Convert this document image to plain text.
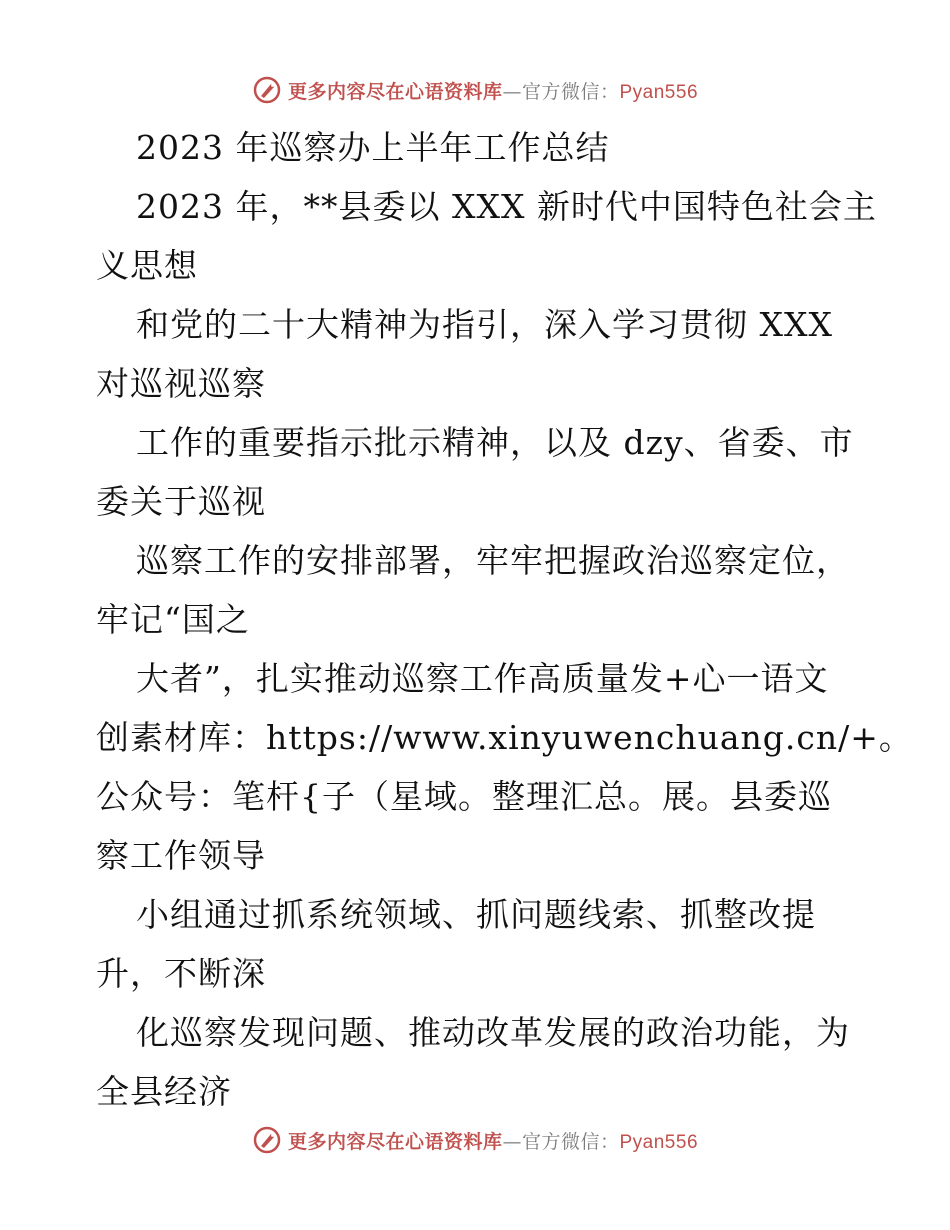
更多内容尽在心语资料库—官方微信：Pyan556
2023 年巡察办上半年工作总结
2023 年，**县委以 XXX 新时代中国特色社会主
义思想
和党的二十大精神为指引，深入学习贯彻 XXX
对巡视巡察
工作的重要指示批示精神，以及 dzy、省委、市
委关于巡视
巡察工作的安排部署，牢牢把握政治巡察定位，
牢记“国之
大者”，扎实推动巡察工作高质量发+心一语文
创素材库：https://www.xinyuwenchuang.cn/+。
公众号：笔杆{子（星域。整理汇总。展。县委巡
察工作领导
小组通过抓系统领域、抓问题线索、抓整改提
升，不断深
化巡察发现问题、推动改革发展的政治功能，为
全县经济
更多内容尽在心语资料库—官方微信：Pyan556
